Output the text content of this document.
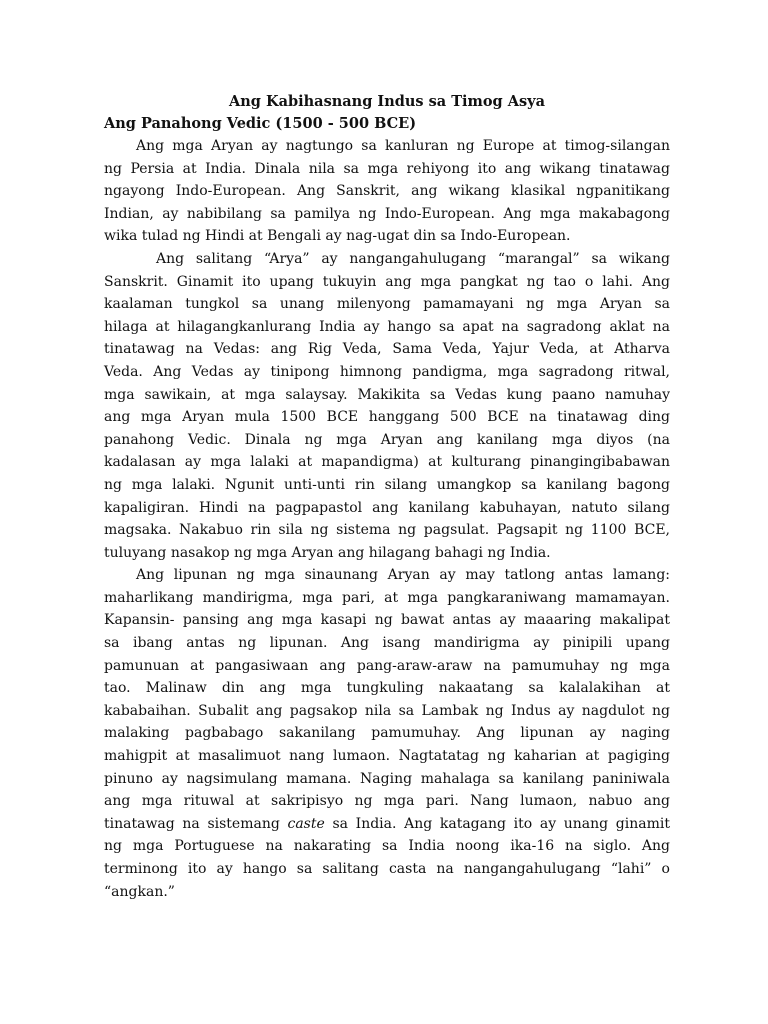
Ang Kabihasnang Indus sa Timog Asya

Ang Panahong Vedic (1500 - 500 BCE)

Ang mga Aryan ay nagtungo sa kanluran ng Europe at timog-silangan
ng Persia at India. Dinala nila sa mga rehiyong ito ang wikang tinatawag
ngayong Indo-European. Ang Sanskrit, ang wikang klasikal ngpanitikang
Indian, ay nabibilang sa pamilya ng Indo-European. Ang mga makabagong
wika tulad ng Hindi at Bengali ay nag-ugat din sa Indo-European.
Ang salitang “Arya” ay nangangahulugang “marangal” sa wikang
Sanskrit. Ginamit ito upang tukuyin ang mga pangkat ng tao o lahi. Ang
kaalaman tungkol sa unang milenyong pamamayani ng mga Aryan sa
hilaga at hilagangkanlurang India ay hango sa apat na sagradong aklat na
tinatawag na Vedas: ang Rig Veda, Sama Veda, Yajur Veda, at Atharva
Veda. Ang Vedas ay tinipong himnong pandigma, mga sagradong ritwal,
mga sawikain, at mga salaysay. Makikita sa Vedas kung paano namuhay
ang mga Aryan mula 1500 BCE hanggang 500 BCE na tinatawag ding
panahong Vedic. Dinala ng mga Aryan ang kanilang mga diyos (na
kadalasan ay mga lalaki at mapandigma) at kulturang pinangingibabawan
ng mga lalaki. Ngunit unti-unti rin silang umangkop sa kanilang bagong
kapaligiran. Hindi na pagpapastol ang kanilang kabuhayan, natuto silang
magsaka. Nakabuo rin sila ng sistema ng pagsulat. Pagsapit ng 1100 BCE,
tuluyang nasakop ng mga Aryan ang hilagang bahagi ng India.
Ang lipunan ng mga sinaunang Aryan ay may tatlong antas lamang:
maharlikang mandirigma, mga pari, at mga pangkaraniwang mamamayan.
Kapansin- pansing ang mga kasapi ng bawat antas ay maaaring makalipat
sa ibang antas ng lipunan. Ang isang mandirigma ay pinipili upang
pamunuan at pangasiwaan ang pang-araw-araw na pamumuhay ng mga
tao. Malinaw din ang mga tungkuling nakaatang sa kalalakihan at
kababaihan. Subalit ang pagsakop nila sa Lambak ng Indus ay nagdulot ng
malaking pagbabago sakanilang pamumuhay. Ang lipunan ay naging
mahigpit at masalimuot nang lumaon. Nagtatatag ng kaharian at pagiging
pinuno ay nagsimulang mamana. Naging mahalaga sa kanilang paniniwala
ang mga rituwal at sakripisyo ng mga pari. Nang lumaon, nabuo ang
tinatawag na sistemang caste sa India. Ang katagang ito ay unang ginamit
ng mga Portuguese na nakarating sa India noong ika-16 na siglo. Ang
terminong ito ay hango sa salitang casta na nangangahulugang “lahi” o
“angkan.”
